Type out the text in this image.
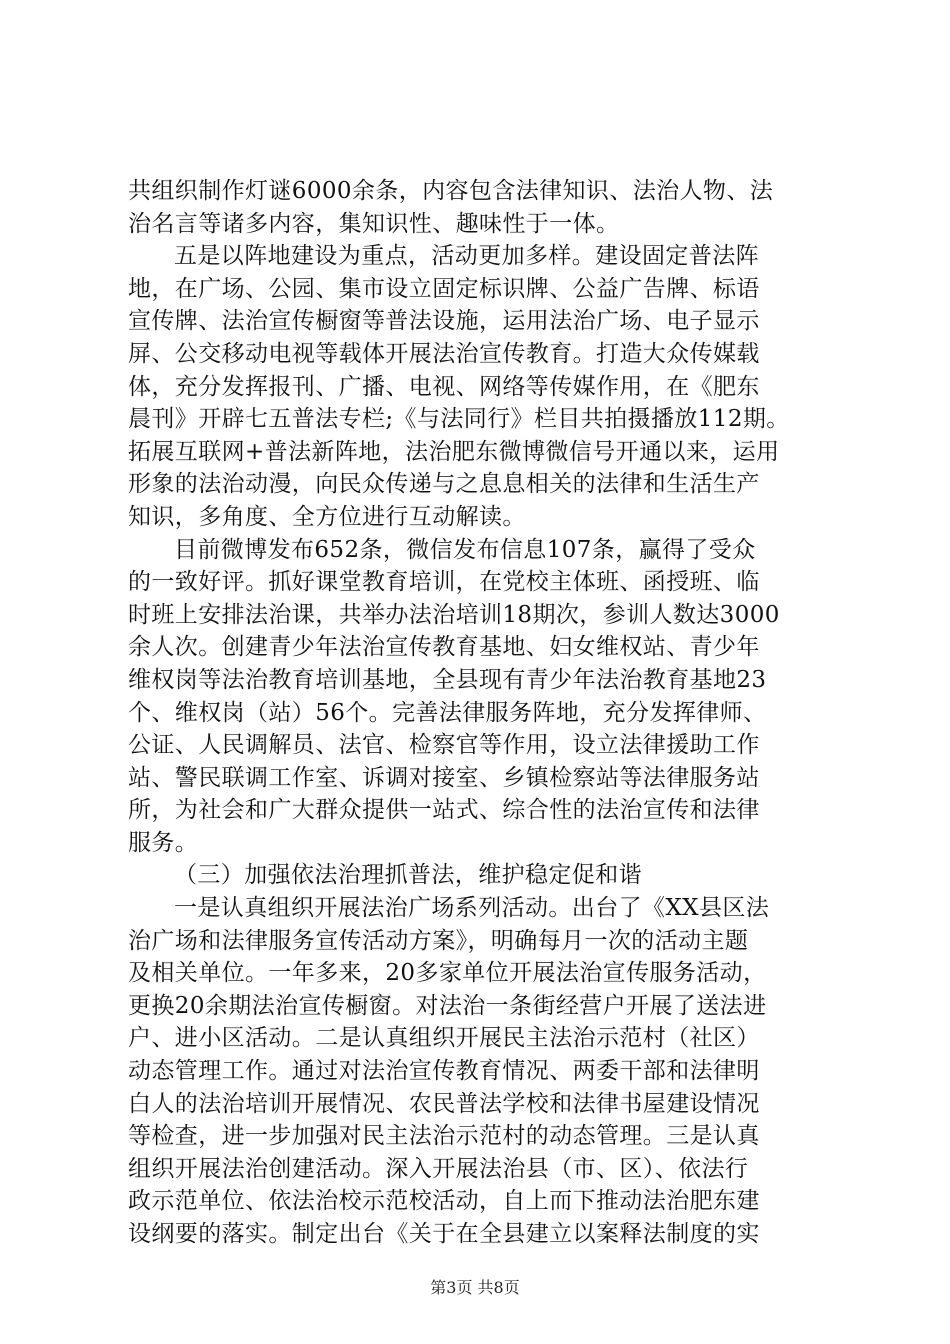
共组织制作灯谜6000余条，内容包含法律知识、法治人物、法
治名言等诸多内容，集知识性、趣味性于一体。
五是以阵地建设为重点，活动更加多样。建设固定普法阵
地，在广场、公园、集市设立固定标识牌、公益广告牌、标语
宣传牌、法治宣传橱窗等普法设施，运用法治广场、电子显示
屏、公交移动电视等载体开展法治宣传教育。打造大众传媒载
体，充分发挥报刊、广播、电视、网络等传媒作用，在《肥东
晨刊》开辟七五普法专栏;《与法同行》栏目共拍摄播放112期。
拓展互联网+普法新阵地，法治肥东微博微信号开通以来，运用
形象的法治动漫，向民众传递与之息息相关的法律和生活生产
知识，多角度、全方位进行互动解读。
目前微博发布652条，微信发布信息107条，赢得了受众
的一致好评。抓好课堂教育培训，在党校主体班、函授班、临
时班上安排法治课，共举办法治培训18期次，参训人数达3000
余人次。创建青少年法治宣传教育基地、妇女维权站、青少年
维权岗等法治教育培训基地，全县现有青少年法治教育基地23
个、维权岗（站）56个。完善法律服务阵地，充分发挥律师、
公证、人民调解员、法官、检察官等作用，设立法律援助工作
站、警民联调工作室、诉调对接室、乡镇检察站等法律服务站
所，为社会和广大群众提供一站式、综合性的法治宣传和法律
服务。
（三）加强依法治理抓普法，维护稳定促和谐
一是认真组织开展法治广场系列活动。出台了《XX县区法
治广场和法律服务宣传活动方案》，明确每月一次的活动主题
及相关单位。一年多来，20多家单位开展法治宣传服务活动，
更换20余期法治宣传橱窗。对法治一条街经营户开展了送法进
户、进小区活动。二是认真组织开展民主法治示范村（社区）
动态管理工作。通过对法治宣传教育情况、两委干部和法律明
白人的法治培训开展情况、农民普法学校和法律书屋建设情况
等检查，进一步加强对民主法治示范村的动态管理。三是认真
组织开展法治创建活动。深入开展法治县（市、区）、依法行
政示范单位、依法治校示范校活动，自上而下推动法治肥东建
设纲要的落实。制定出台《关于在全县建立以案释法制度的实
第3页 共8页
